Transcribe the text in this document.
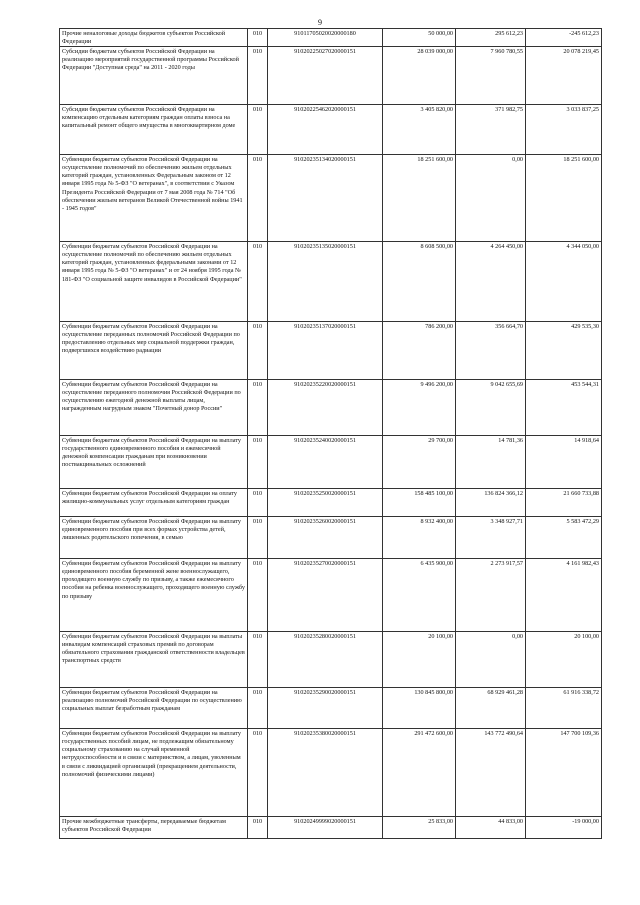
9
Прочие неналоговые доходы бюджетов субъектов Российской Федерации	010	91011705020020000180	50 000,00	295 612,23	-245 612,23
Субсидии бюджетам субъектов Российской Федерации на реализацию мероприятий государственной программы Российской Федерации "Доступная среда" на 2011 - 2020 годы	010	91020225027020000151	28 039 000,00	7 960 780,55	20 078 219,45
Субсидии бюджетам субъектов Российской Федерации на компенсацию отдельным категориям граждан оплаты взноса на капитальный ремонт общего имущества в многоквартирном доме	010	91020225462020000151	3 405 820,00	371 982,75	3 033 837,25
Субвенции бюджетам субъектов Российской Федерации на осуществление полномочий по обеспечению жильем отдельных категорий граждан, установленных Федеральным законом от 12 января 1995 года № 5-ФЗ "О ветеранах", в соответствии с Указом Президента Российской Федерации от 7 мая 2008 года № 714 "Об обеспечении жильем ветеранов Великой Отечественной войны 1941 - 1945 годов"	010	91020235134020000151	18 251 600,00	0,00	18 251 600,00
Субвенции бюджетам субъектов Российской Федерации на осуществление полномочий по обеспечению жильем отдельных категорий граждан, установленных федеральными законами от 12 января 1995 года № 5-ФЗ "О ветеранах" и от 24 ноября 1995 года № 181-ФЗ "О социальной защите инвалидов в Российской Федерации"	010	91020235135020000151	8 608 500,00	4 264 450,00	4 344 050,00
Субвенции бюджетам субъектов Российской Федерации на осуществление переданных полномочий Российской Федерации по предоставлению отдельных мер социальной поддержки граждан, подвергшихся воздействию радиации	010	91020235137020000151	786 200,00	356 664,70	429 535,30
Субвенции бюджетам субъектов Российской Федерации на осуществление переданного полномочия Российской Федерации по осуществлению ежегодной денежной выплаты лицам, награжденным нагрудным знаком "Почетный донор России"	010	91020235220020000151	9 496 200,00	9 042 655,69	453 544,31
Субвенции бюджетам субъектов Российской Федерации на выплату государственного единовременного пособия и ежемесячной денежной компенсации гражданам при возникновении поствакцинальных осложнений	010	91020235240020000151	29 700,00	14 781,36	14 918,64
Субвенции бюджетам субъектов Российской Федерации на оплату жилищно-коммунальных услуг отдельным категориям граждан	010	91020235250020000151	158 485 100,00	136 824 366,12	21 660 733,88
Субвенции бюджетам субъектов Российской Федерации на выплату единовременного пособия при всех формах устройства детей, лишенных родительского попечения, в семью	010	91020235260020000151	8 932 400,00	3 348 927,71	5 583 472,29
Субвенции бюджетам субъектов Российской Федерации на выплату единовременного пособия беременной жене военнослужащего, проходящего военную службу по призыву, а также ежемесячного пособия на ребенка военнослужащего, проходящего военную службу по призыву	010	91020235270020000151	6 435 900,00	2 273 917,57	4 161 982,43
Субвенции бюджетам субъектов Российской Федерации на выплаты инвалидам компенсаций страховых премий по договорам обязательного страхования гражданской ответственности владельцев транспортных средств	010	91020235280020000151	20 100,00	0,00	20 100,00
Субвенции бюджетам субъектов Российской Федерации на реализацию полномочий Российской Федерации по осуществлению социальных выплат безработным гражданам	010	91020235290020000151	130 845 800,00	68 929 461,28	61 916 338,72
Субвенции бюджетам субъектов Российской Федерации на выплату государственных пособий лицам, не подлежащим обязательному социальному страхованию на случай временной нетрудоспособности и в связи с материнством, а лицам, уволенным в связи с ликвидацией организаций (прекращением деятельности, полномочий физическими лицами)	010	91020235380020000151	291 472 600,00	143 772 490,64	147 700 109,36
Прочие межбюджетные трансферты, передаваемые бюджетам субъектов Российской Федерации	010	91020249999020000151	25 833,00	44 833,00	-19 000,00
